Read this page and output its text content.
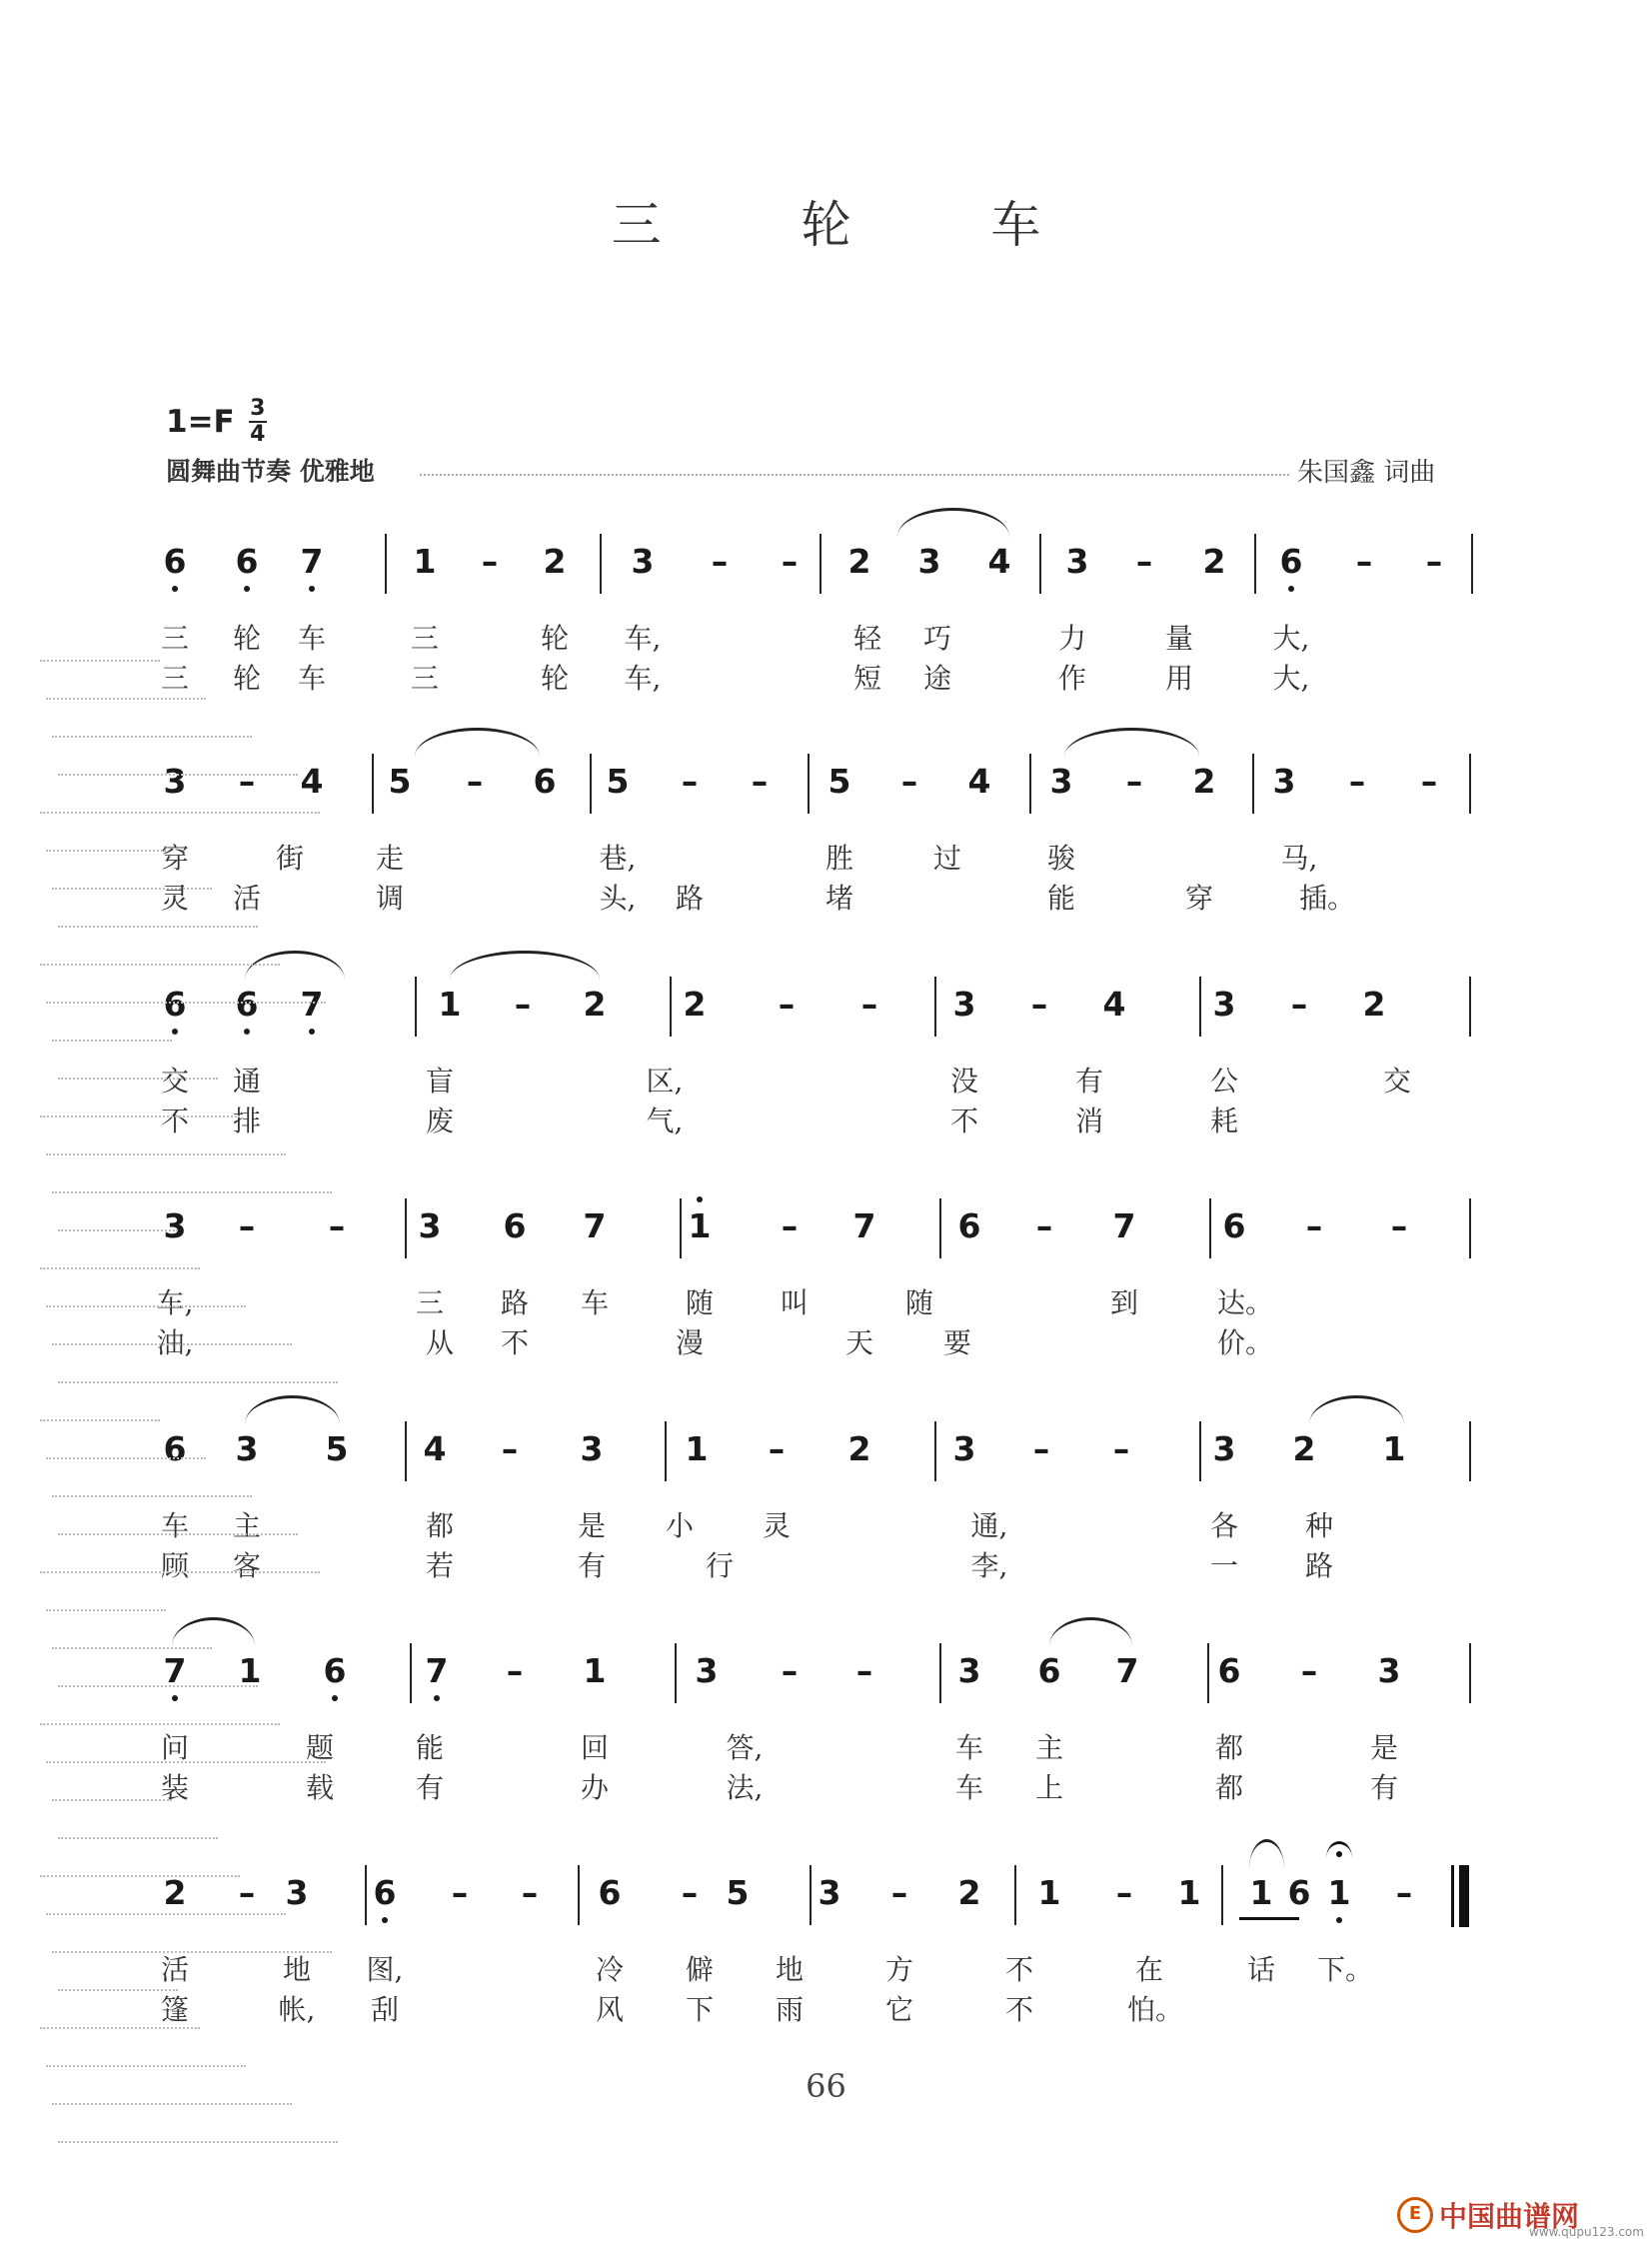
三 轮 车
$1=F \frac{3}{4}$
圆舞曲节奏 优雅地	朱国鑫 词曲
6 6 7	1	–	2 3	–	–	2 3 4 3	–	2 6	–	–
三 轮 车	三	轮 车,	轻 巧	力	量	大,
三 轮 车	三	轮 车,	短 途	作	用	大,
3	–	4 5	–	6 5	–	–	5	–	4 3	–	2 3	–	–
穿	街	走	巷,	胜	过	骏	马,
灵 活	调	头, 路	堵	能	穿	插。
6 6 7	1	–	2 2	–	–	3	–	4	3	–	2
交 通	盲	区,	没	有	公	交
不 排	废	气,	不	消	耗
3	–	–	3 6 7 1	–	7 6	–	7	6	–	–
车,	三 路 车	随 叫	随	到	达。
油,	从 不	漫	天 要	价。
6 3 5 4	–	3 1	–	2 3	–	–	3 2 1
车 主	都	是 小 灵	通,	各 种
顾 客	若	有	行	李,	一 路
7 1 6 7	–	1	3	–	–	3 6 7 6	–	3
问	题	能	回	答,	车 主	都	是
装	载	有	办	法,	车 上	都	有
2	– 3 6	–	–	6	– 5 3	–	2 1	–	1 1 6 1	–
活	地 图,	冷 僻 地	方	不	在	话 下。
篷	帐, 刮	风 下 雨	它	不	怕。
66
E 中国曲谱网
www.qupu123.com
